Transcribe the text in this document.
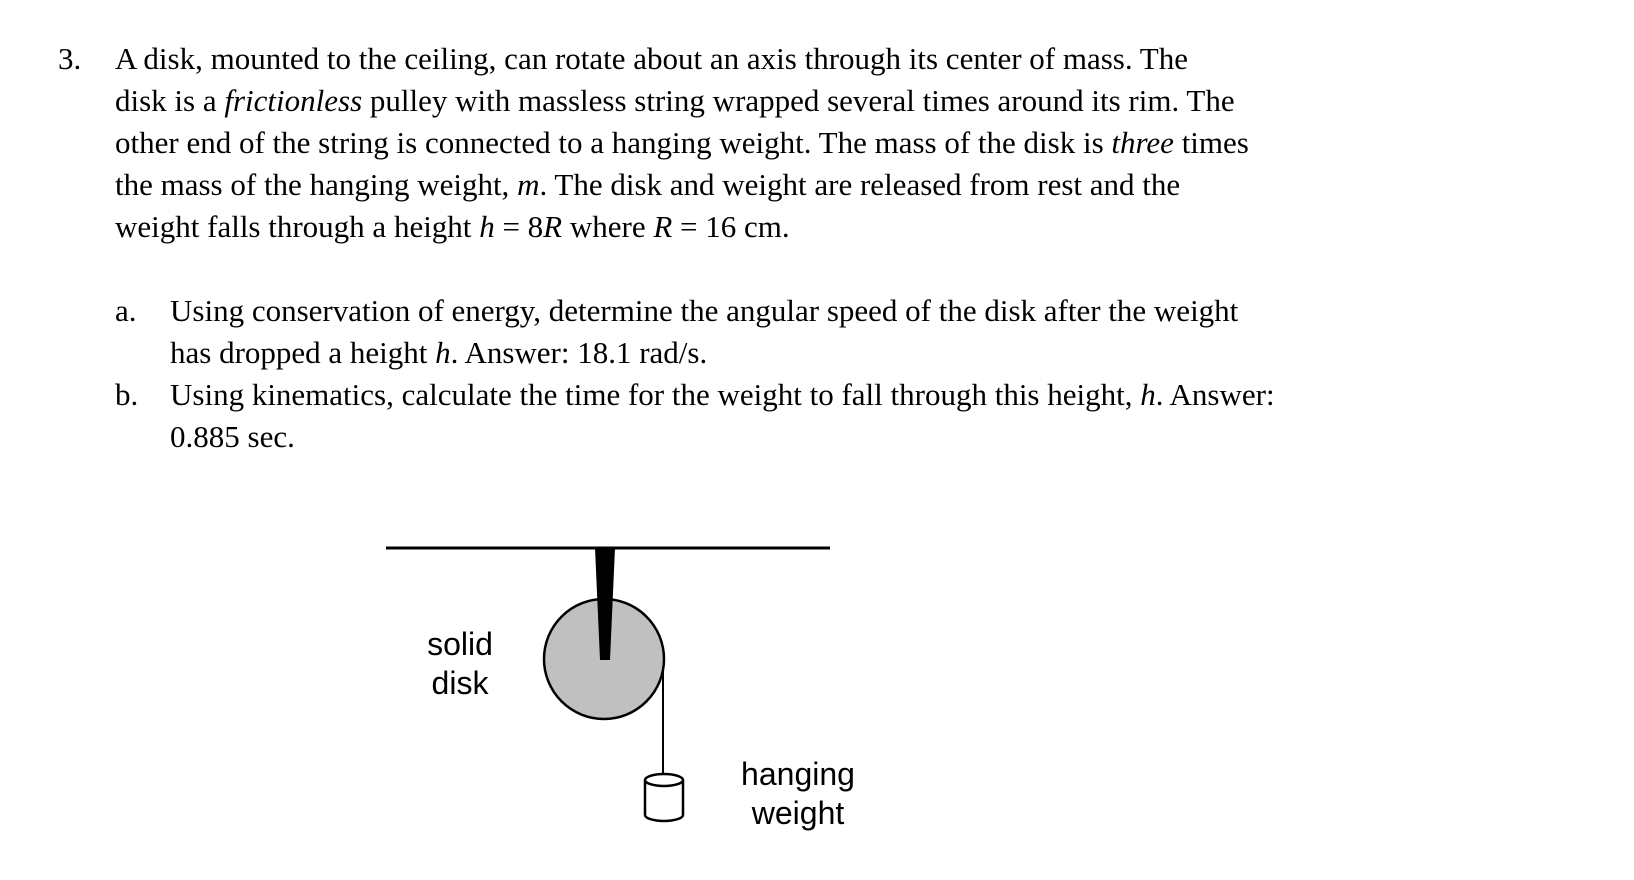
3. A disk, mounted to the ceiling, can rotate about an axis through its center of mass. The
disk is a frictionless pulley with massless string wrapped several times around its rim. The
other end of the string is connected to a hanging weight. The mass of the disk is three times
the mass of the hanging weight, m. The disk and weight are released from rest and the
weight falls through a height h = 8R where R = 16 cm.
a. Using conservation of energy, determine the angular speed of the disk after the weight
has dropped a height h. Answer: 18.1 rad/s.
b. Using kinematics, calculate the time for the weight to fall through this height, h. Answer:
0.885 sec.
solid
disk
hanging
weight
